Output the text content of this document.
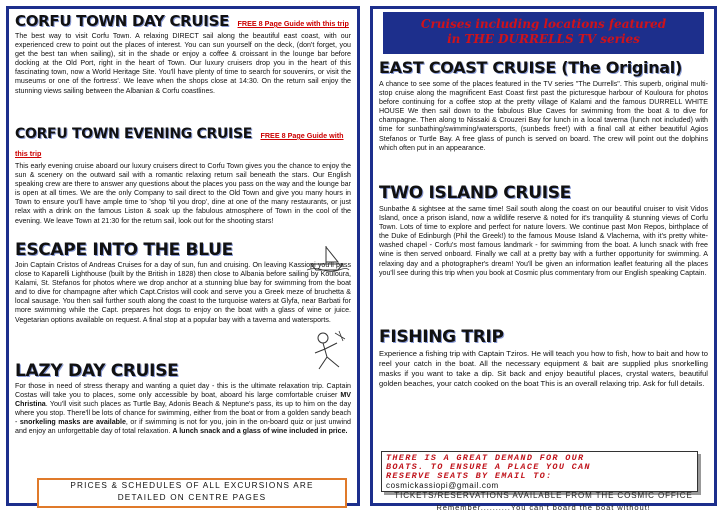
CORFU TOWN DAY CRUISE FREE 8 Page Guide with this trip

The best way to visit Corfu Town. A relaxing DIRECT sail along the beautiful east coast, with our experienced crew to point out the places of interest. You can sun yourself on the deck, (don't forget, you get the best tan when sailing), sit in the shade or enjoy a coffee & croissant in the lounge bar before docking at the Old Port, right in the heart of Town. Our luxury cruisers drop you in the heart of this fascinating town, now a World Heritage Site. You'll have plenty of time to search for souvenirs, or visit the museums or one of the fortress'. We leave when the shops close at 14:30. On the return sail enjoy the stunning views sailing between the Albanian & Corfu coastlines.

CORFU TOWN EVENING CRUISE FREE 8 Page Guide with this trip

This early evening cruise aboard our luxury cruisers direct to Corfu Town gives you the chance to enjoy the sun & scenery on the outward sail with a romantic relaxing return sail beneath the stars. Our English speaking crew are there to answer any questions about the places you pass on the way and the lounge bar is open at all times. We are the only Company to sail direct to the Old Town and give you many hours in Town to ensure you'll have ample time to 'shop 'til you drop', dine at one of the many restaurants, or just relax with a drink on the famous Liston & soak up the fabulous atmosphere of Town in the cool of the evening. We leave Town at 21:30 for the return sail, look out for the shooting stars!

ESCAPE INTO THE BLUE

Join Captain Cristos of Andreas Cruises for a day of sun, fun and cruising. On leaving Kassiopi you'll pass close to Kaparelli Lighthouse (built by the British in 1828) then close to Albania before sailing by Kouloura, Kalami, St. Stefanos for photos where we drop anchor at a stunning blue bay for swimming from the boat and to dive for champagne after which Capt.Cristos will cook and serve you a Greek meze of bruchetta & local sausage. You then sail further south along the coast to the turquoise waters at Glyfa, near Barbati for more swimming while the Capt. prepares hot dogs to enjoy on the boat with a glass of wine or juice. Vegetarian options available on request. A final stop at a popular bay with a taverna and watersports.

LAZY DAY CRUISE

For those in need of stress therapy and wanting a quiet day - this is the ultimate relaxation trip. Captain Costas will take you to places, some only accessible by boat, aboard his large comfortable cruiser MV Christina. You'll visit such places as Turtle Bay, Adonis Beach & Neptune's pass, its up to him on the day where you stop. There'll be lots of chance for swimming, either from the boat or from a golden sandy beach - snorkeling masks are available, or if swimming is not for you, join in the on-board quiz or just unwind and enjoy an unforgettable day of total relaxation. A lunch snack and a glass of wine included in price.

PRICES & SCHEDULES OF ALL EXCURSIONS ARE
DETAILED ON CENTRE PAGES
Cruises including locations featured
in THE DURRELLS TV series
EAST COAST CRUISE (The Original)

A chance to see some of the places featured in the TV series "The Durrells". This superb, original multi-stop cruise along the magnificent East Coast first past the picturesque harbour of Kouloura for photos before continuing for a coffee stop at the pretty village of Kalami and the famous DURRELL WHITE HOUSE We then sail down to the fabulous Blue Caves for swimming from the boat & to dive for champagne. Then along to Nissaki & Crouzeri Bay for lunch in a local taverna (lunch not included) with time for sunbathing/swimming/watersports, (sunbeds free!) with a final call at either beautiful Agios Stefanos or Turtle Bay. A free glass of punch is served on board. The crew will point out the dolphins which often put in an appearance.

TWO ISLAND CRUISE

Sunbathe & sightsee at the same time! Sail south along the coast on our beautiful cruiser to visit Vidos Island, once a prison island, now a wildlife reserve & noted for it's tranquility & stunning views of Corfu Town. Lots of time to explore and perfect for nature lovers. We continue past Mon Repos, birthplace of the Duke of Edinburgh (Phil the Greek!) to the famous Mouse Island & Vlacherna, with it's pretty white-washed chapel - Corfu's most famous landmark - for swimming from the boat. A lunch snack with free wine is then served onboard. Finally we call at a pretty bay with a further opportunity for swimming. A relaxing day and a photographer's dream! You'll be given an information leaflet featuring all the places you'll see during this trip when you book at Cosmic plus commentary from our English speaking Captain.

FISHING TRIP

Experience a fishing trip with Captain Tziros. He will teach you how to fish, how to bait and how to reel your catch in the boat. All the necessary equipment & bait are supplied plus snorkelling masks if you want to take a dip. Sit back and enjoy beautiful places, crystal waters, beautiful golden beaches, your catch cooked on the boat This is an overall relaxing trip. Ask for full details.

THERE IS A GREAT DEMAND FOR OUR
BOATS. TO ENSURE A PLACE YOU CAN
RESERVE SEATS BY EMAIL TO:
cosmickassiopi@gmail.com
TICKETS/RESERVATIONS AVAILABLE FROM THE COSMIC OFFICE
Remember..........You can't board the boat without!
